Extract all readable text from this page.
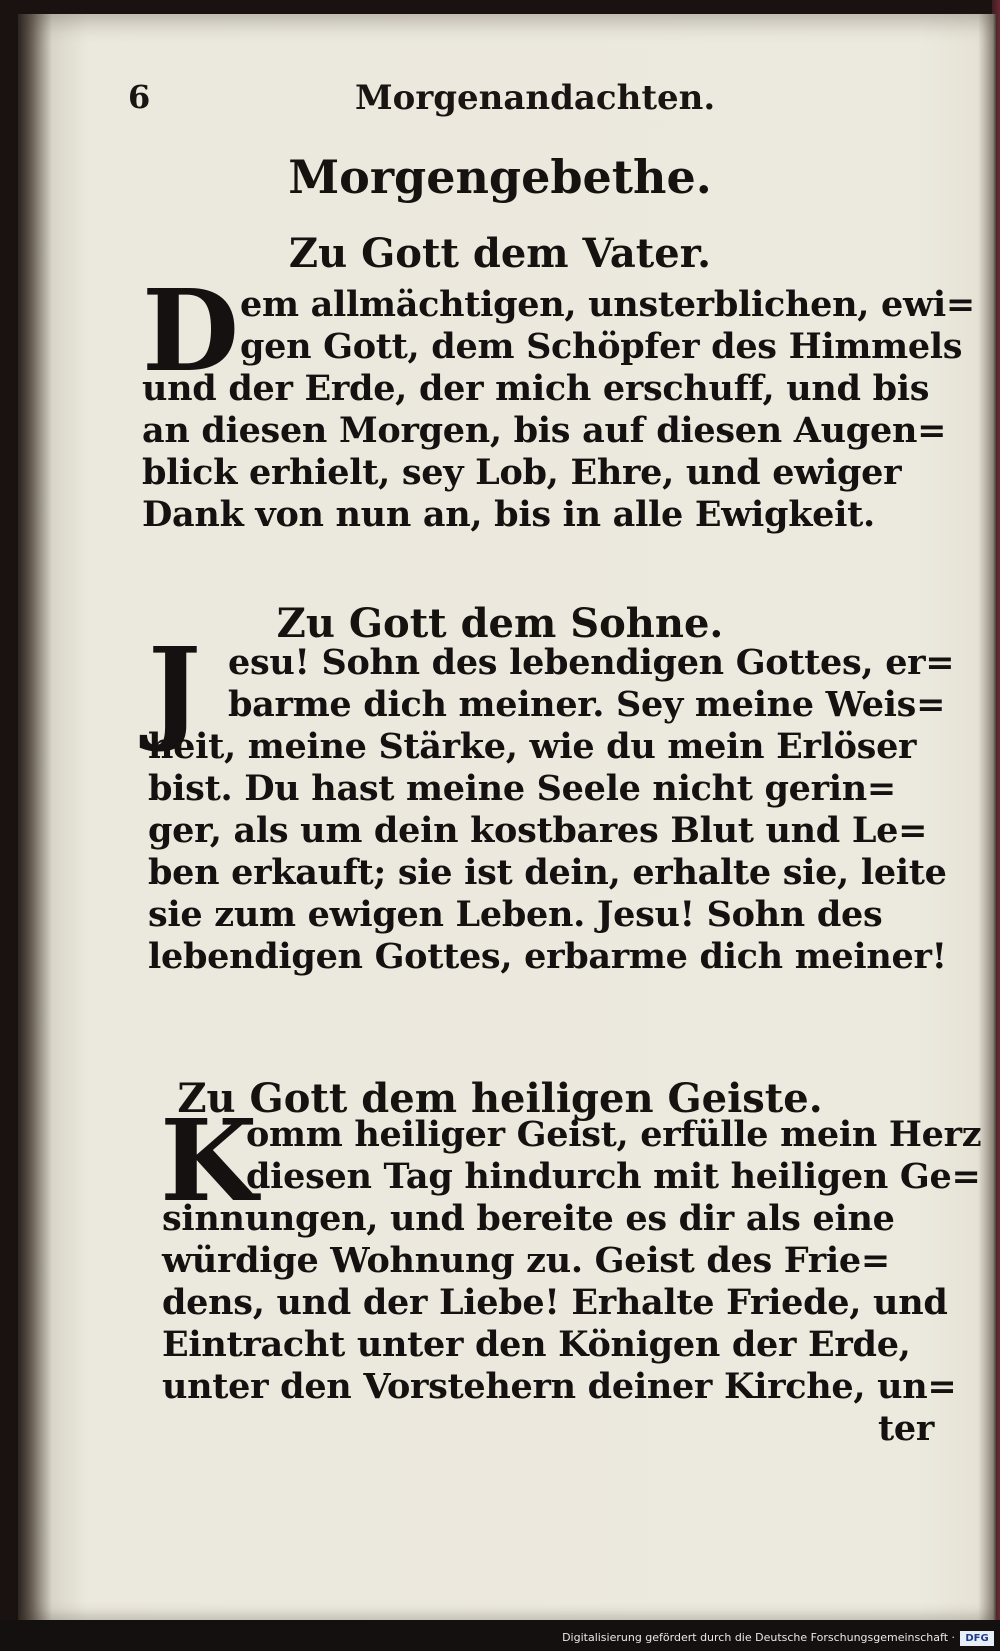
6	Morgenandachten.
Morgengebethe.
Zu Gott dem Vater.
D em allmächtigen, unsterblichen, ewi=
gen Gott, dem Schöpfer des Himmels
und der Erde, der mich erschuff, und bis
an diesen Morgen, bis auf diesen Augen=
blick erhielt, sey Lob, Ehre, und ewiger
Dank von nun an, bis in alle Ewigkeit.
Zu Gott dem Sohne.
J esu! Sohn des lebendigen Gottes, er=
barme dich meiner. Sey meine Weis=
heit, meine Stärke, wie du mein Erlöser
bist. Du hast meine Seele nicht gerin=
ger, als um dein kostbares Blut und Le=
ben erkauft; sie ist dein, erhalte sie, leite
sie zum ewigen Leben. Jesu! Sohn des
lebendigen Gottes, erbarme dich meiner!
Zu Gott dem heiligen Geiste.
K
omm heiliger Geist, erfülle mein Herz
diesen Tag hindurch mit heiligen Ge=
sinnungen, und bereite es dir als eine
würdige Wohnung zu. Geist des Frie=
dens, und der Liebe! Erhalte Friede, und
Eintracht unter den Königen der Erde,
unter den Vorstehern deiner Kirche, un=
ter
Digitalisierung gefördert durch die Deutsche Forschungsgemeinschaft ·	DFG
